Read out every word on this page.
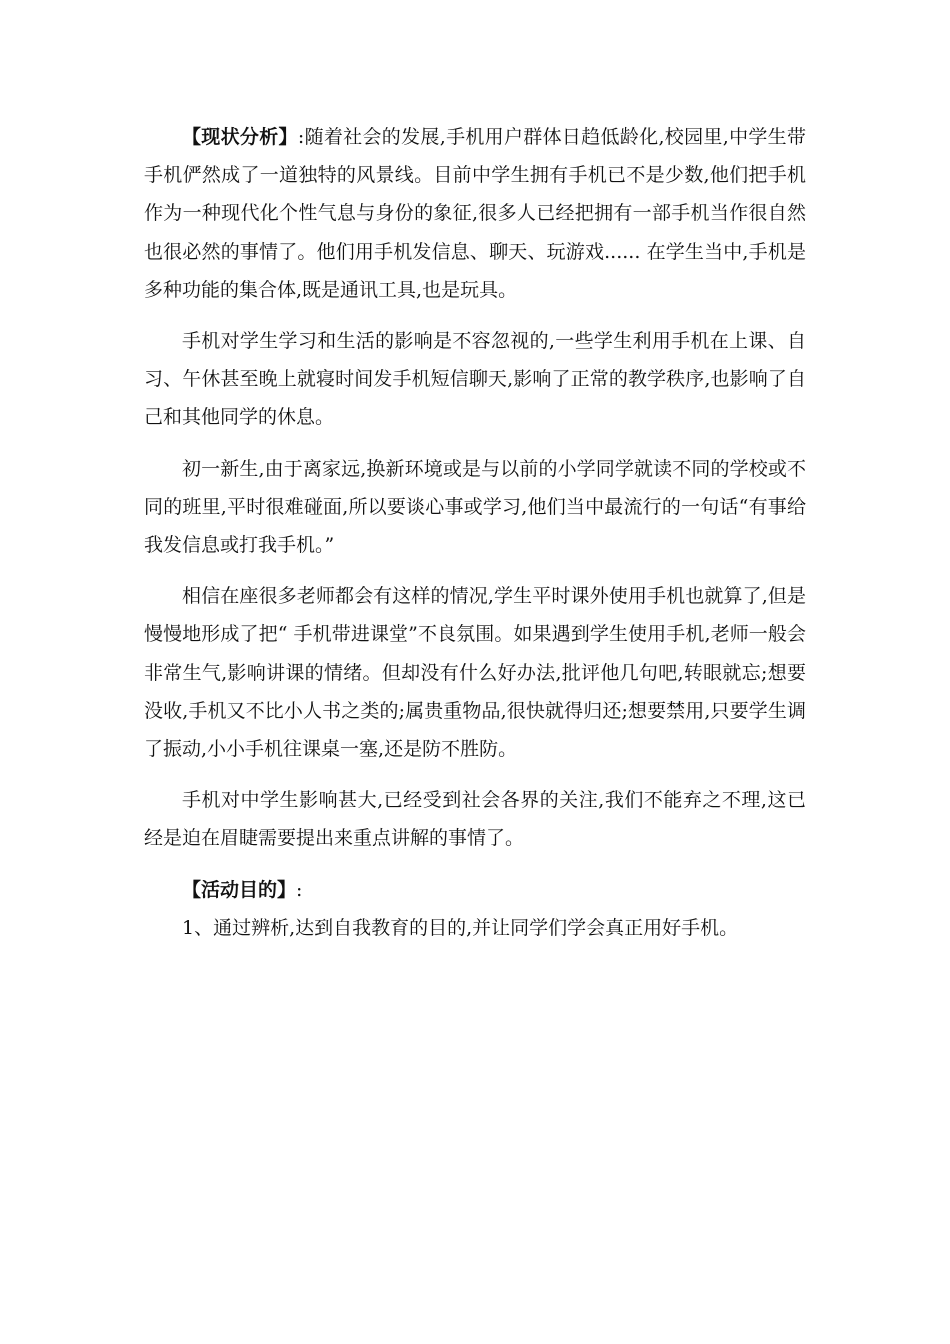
【现状分析】:随着社会的发展,手机用户群体日趋低龄化,校园里,中学生带手机俨然成了一道独特的风景线。目前中学生拥有手机已不是少数,他们把手机作为一种现代化个性气息与身份的象征,很多人已经把拥有一部手机当作很自然也很必然的事情了。他们用手机发信息、聊天、玩游戏...... 在学生当中,手机是多种功能的集合体,既是通讯工具,也是玩具。

手机对学生学习和生活的影响是不容忽视的,一些学生利用手机在上课、自习、午休甚至晚上就寝时间发手机短信聊天,影响了正常的教学秩序,也影响了自己和其他同学的休息。

初一新生,由于离家远,换新环境或是与以前的小学同学就读不同的学校或不同的班里,平时很难碰面,所以要谈心事或学习,他们当中最流行的一句话“有事给我发信息或打我手机。”

相信在座很多老师都会有这样的情况,学生平时课外使用手机也就算了,但是慢慢地形成了把“ 手机带进课堂”不良氛围。如果遇到学生使用手机,老师一般会非常生气,影响讲课的情绪。但却没有什么好办法,批评他几句吧,转眼就忘;想要没收,手机又不比小人书之类的;属贵重物品,很快就得归还;想要禁用,只要学生调了振动,小小手机往课桌一塞,还是防不胜防。

手机对中学生影响甚大,已经受到社会各界的关注,我们不能弃之不理,这已经是迫在眉睫需要提出来重点讲解的事情了。

【活动目的】:

1、通过辨析,达到自我教育的目的,并让同学们学会真正用好手机。
